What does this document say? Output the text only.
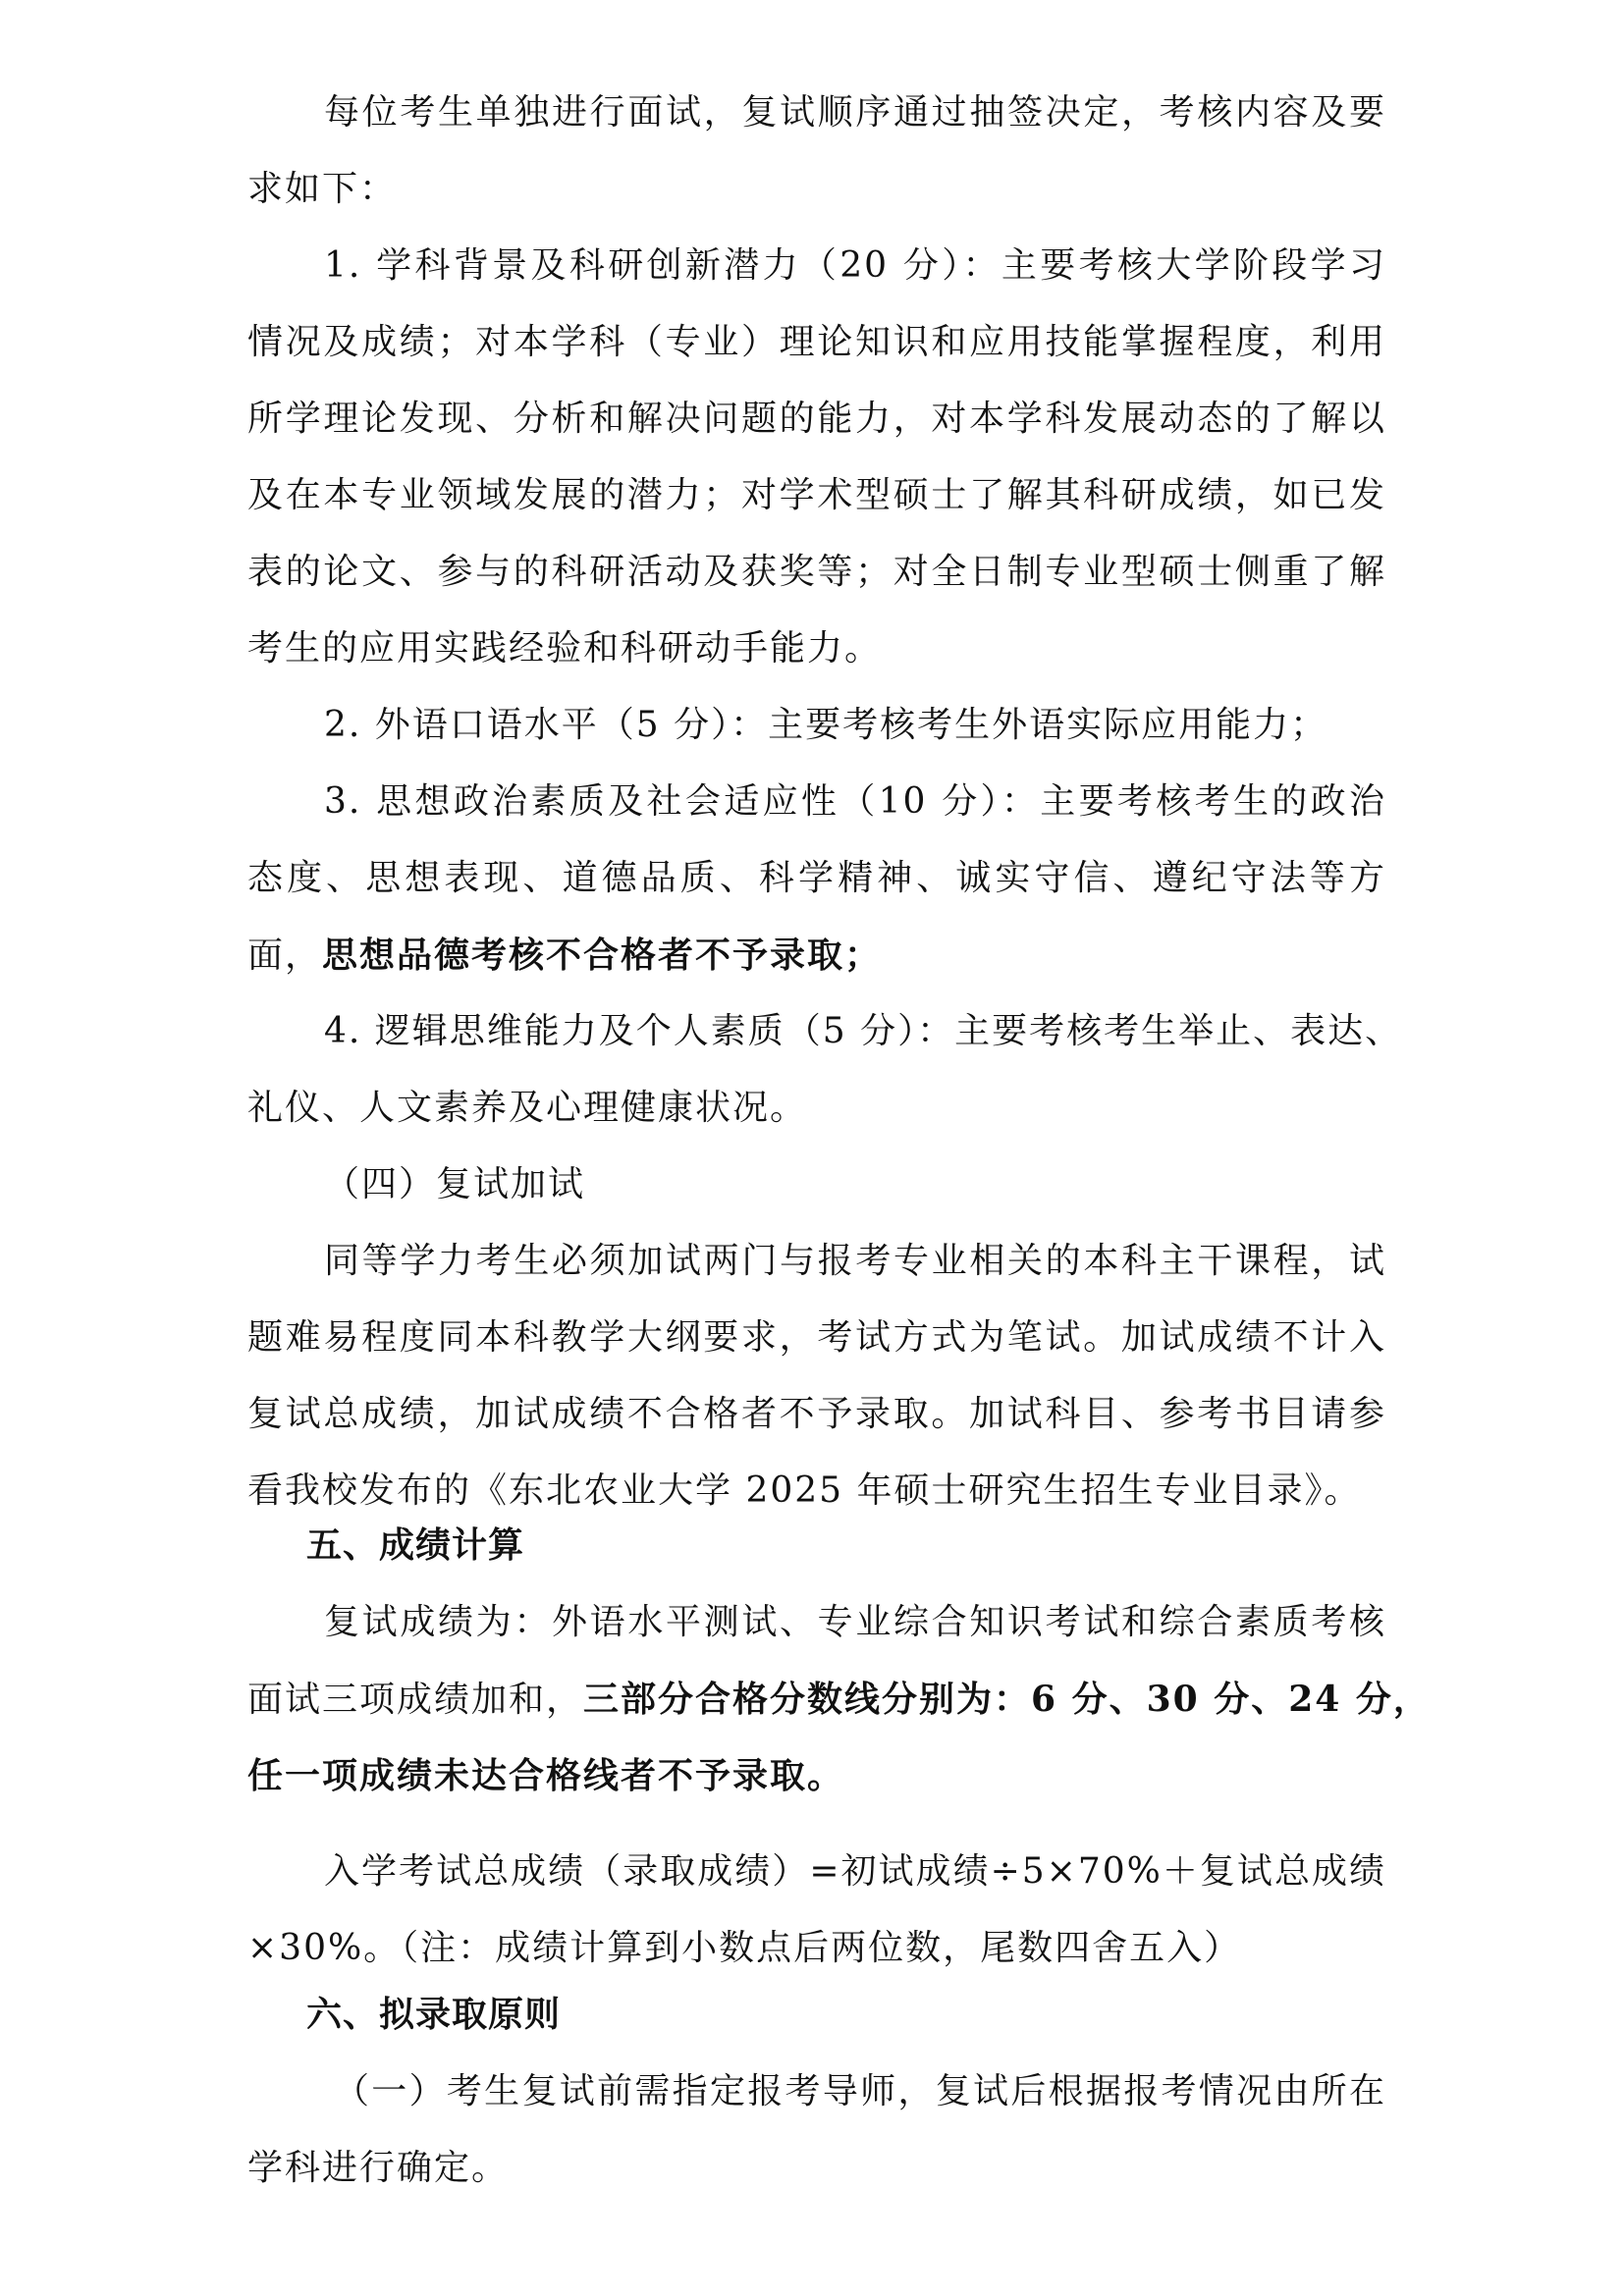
每位考生单独进行面试，复试顺序通过抽签决定，考核内容及要
求如下：
1. 学科背景及科研创新潜力（20 分）：主要考核大学阶段学习
情况及成绩；对本学科（专业）理论知识和应用技能掌握程度，利用
所学理论发现、分析和解决问题的能力，对本学科发展动态的了解以
及在本专业领域发展的潜力；对学术型硕士了解其科研成绩，如已发
表的论文、参与的科研活动及获奖等；对全日制专业型硕士侧重了解
考生的应用实践经验和科研动手能力。
2. 外语口语水平（5 分）：主要考核考生外语实际应用能力；
3. 思想政治素质及社会适应性（10 分）：主要考核考生的政治
态度、思想表现、道德品质、科学精神、诚实守信、遵纪守法等方
面，思想品德考核不合格者不予录取；
4. 逻辑思维能力及个人素质（5 分）：主要考核考生举止、表达、
礼仪、人文素养及心理健康状况。
（四）复试加试
同等学力考生必须加试两门与报考专业相关的本科主干课程，试
题难易程度同本科教学大纲要求，考试方式为笔试。加试成绩不计入
复试总成绩，加试成绩不合格者不予录取。加试科目、参考书目请参
看我校发布的《东北农业大学 2025 年硕士研究生招生专业目录》。
五、成绩计算
复试成绩为：外语水平测试、专业综合知识考试和综合素质考核
面试三项成绩加和，三部分合格分数线分别为：6 分、30 分、24 分，
任一项成绩未达合格线者不予录取。
入学考试总成绩（录取成绩）=初试成绩÷5×70%＋复试总成绩
×30%。（注：成绩计算到小数点后两位数，尾数四舍五入）
六、拟录取原则
（一）考生复试前需指定报考导师，复试后根据报考情况由所在
学科进行确定。
